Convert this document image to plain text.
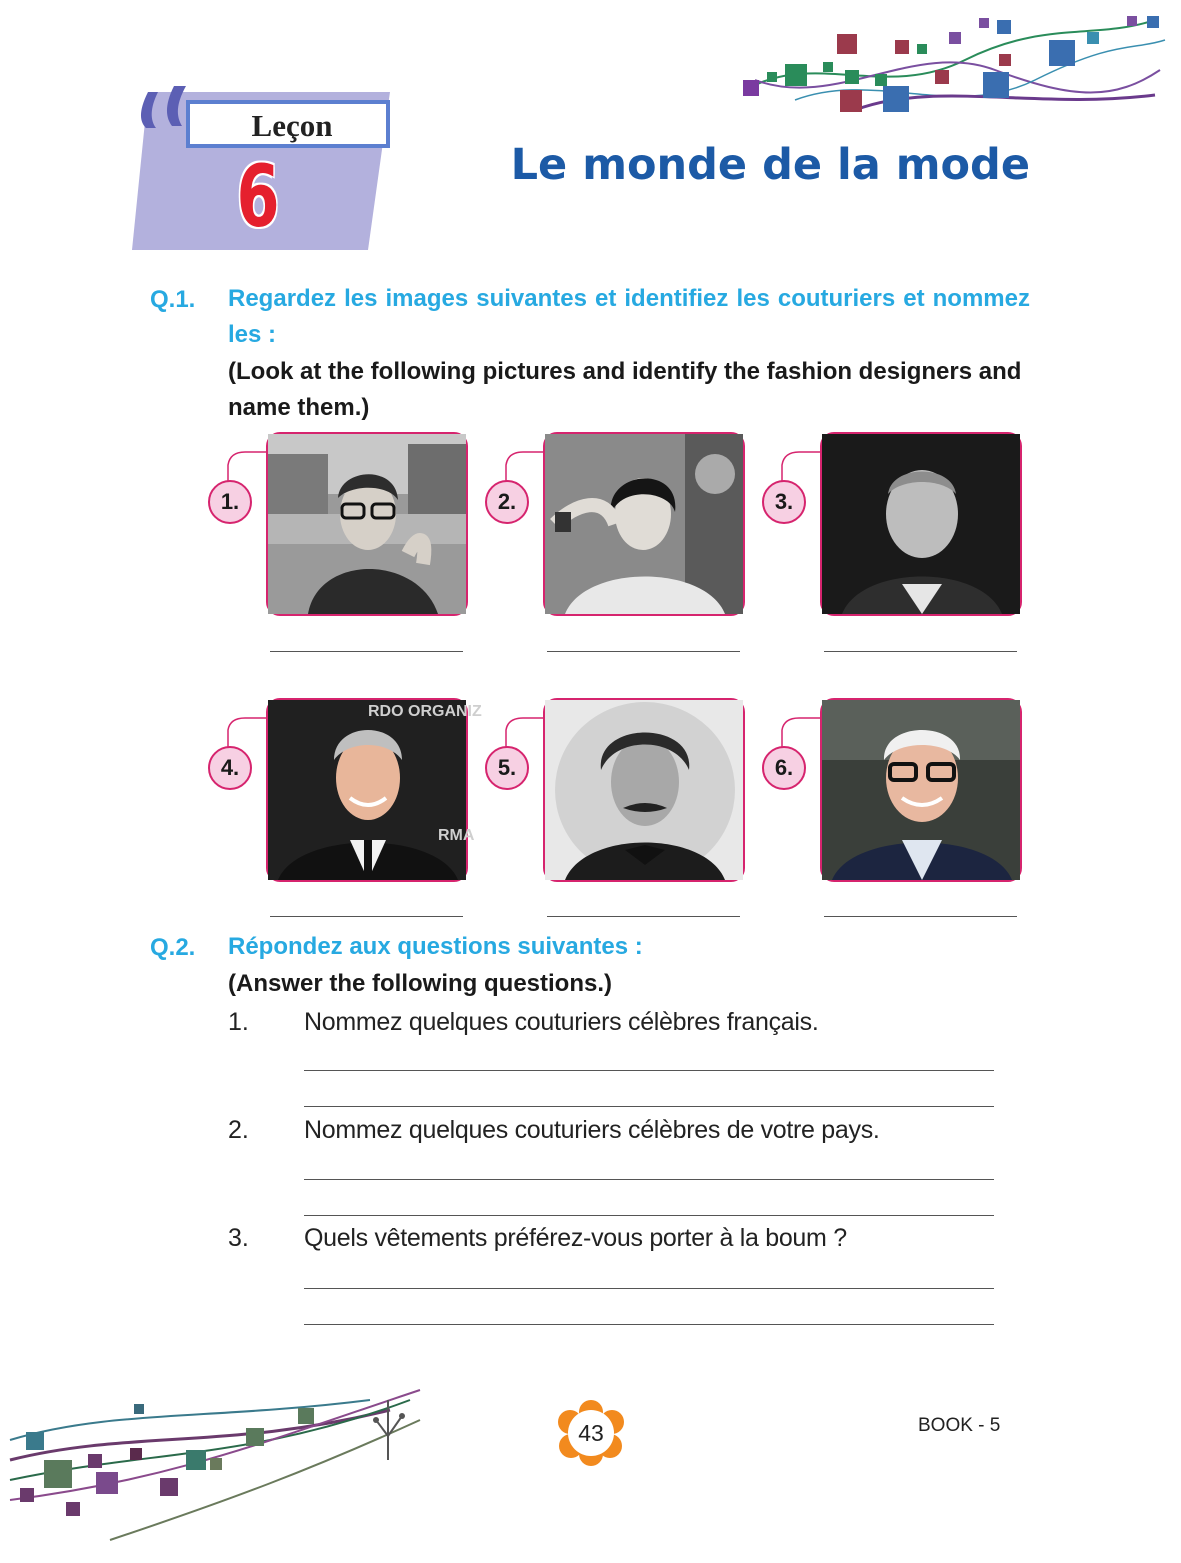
Leçon
6	Le monde de la mode
Q.1. Regardez les images suivantes et identifiez les couturiers et nommez les :
(Look at the following pictures and identify the fashion designers and name them.)
1.	2.	3.
RDO ORGANIZ
RMA
4.	5.	6.
Q.2. Répondez aux questions suivantes :
(Answer the following questions.)
1. Nommez quelques couturiers célèbres français.
2. Nommez quelques couturiers célèbres de votre pays.
3. Quels vêtements préférez-vous porter à la boum ?
43	BOOK - 5
